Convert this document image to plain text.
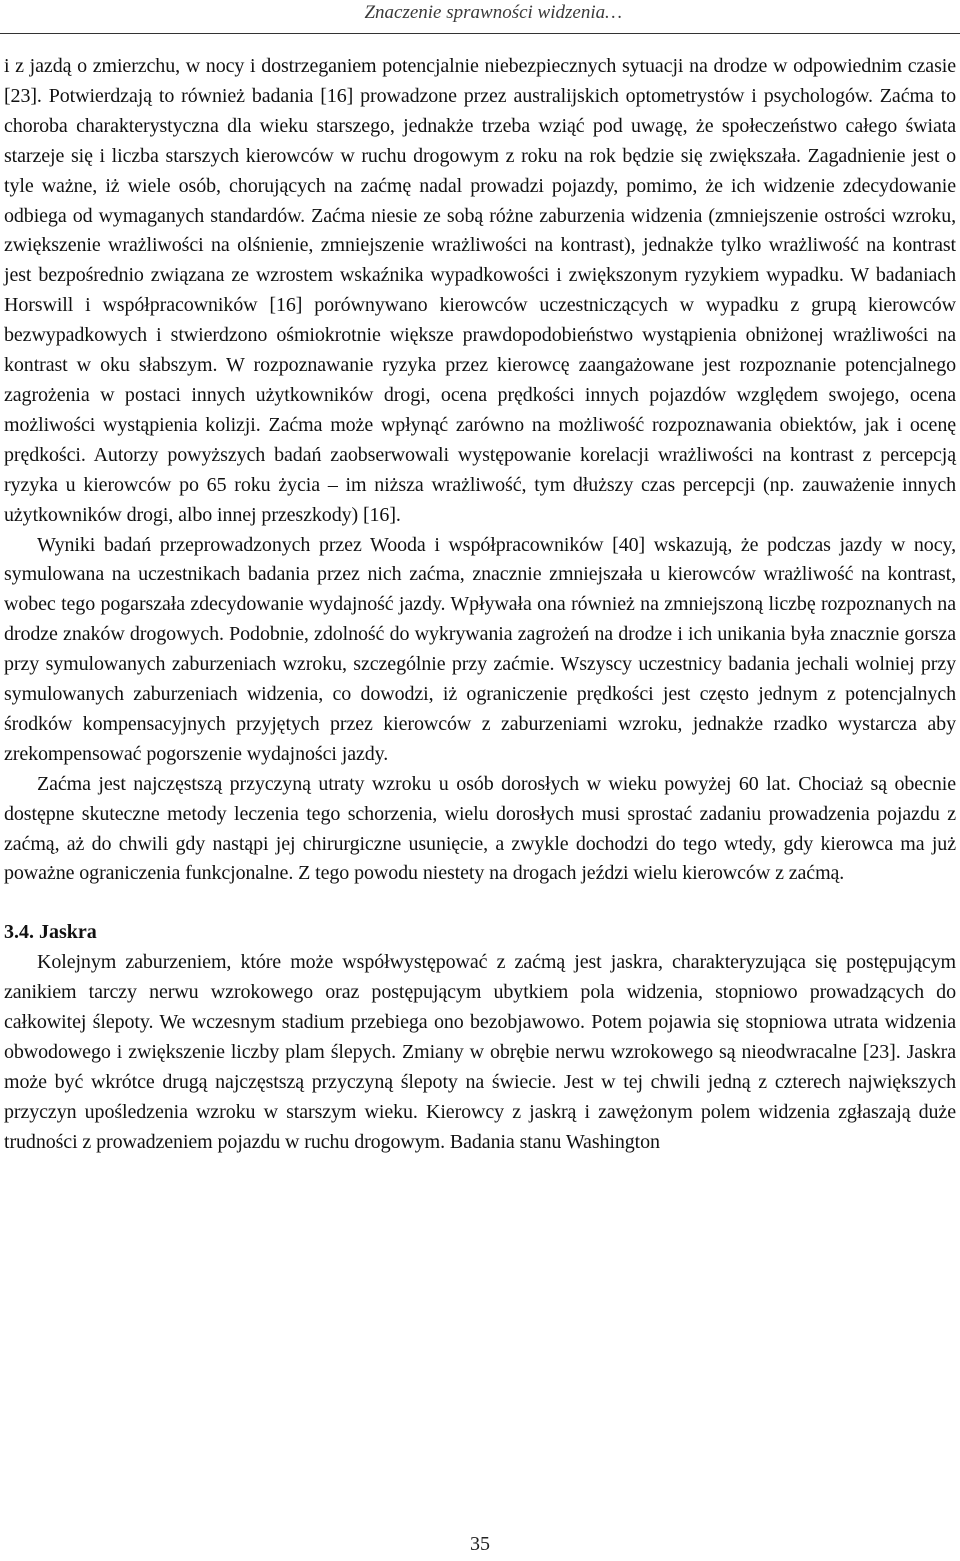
Znaczenie sprawności widzenia…

i z jazdą o zmierzchu, w nocy i dostrzeganiem potencjalnie niebezpiecznych sytuacji na drodze w odpowiednim czasie [23]. Potwierdzają to również badania [16] prowadzone przez australijskich optometrystów i psychologów. Zaćma to choroba charakterystyczna dla wieku starszego, jednakże trzeba wziąć pod uwagę, że społeczeństwo całego świata starzeje się i liczba starszych kierowców w ruchu drogowym z roku na rok będzie się zwiększała. Zagadnienie jest o tyle ważne, iż wiele osób, chorujących na zaćmę nadal prowadzi pojazdy, pomimo, że ich widzenie zdecydowanie odbiega od wymaganych standardów. Zaćma niesie ze sobą różne zaburzenia widzenia (zmniejszenie ostrości wzroku, zwiększenie wrażliwości na olśnienie, zmniejszenie wrażliwości na kontrast), jednakże tylko wrażliwość na kontrast jest bezpośrednio związana ze wzrostem wskaźnika wypadkowości i zwiększonym ryzykiem wypadku. W badaniach Horswill i współpracowników [16] porównywano kierowców uczestniczących w wypadku z grupą kierowców bezwypadkowych i stwierdzono ośmiokrotnie większe prawdopodobieństwo wystąpienia obniżonej wrażliwości na kontrast w oku słabszym. W rozpoznawanie ryzyka przez kierowcę zaangażowane jest rozpoznanie potencjalnego zagrożenia w postaci innych użytkowników drogi, ocena prędkości innych pojazdów względem swojego, ocena możliwości wystąpienia kolizji. Zaćma może wpłynąć zarówno na możliwość rozpoznawania obiektów, jak i ocenę prędkości. Autorzy powyższych badań zaobserwowali występowanie korelacji wrażliwości na kontrast z percepcją ryzyka u kierowców po 65 roku życia – im niższa wrażliwość, tym dłuższy czas percepcji (np. zauważenie innych użytkowników drogi, albo innej przeszkody) [16].

Wyniki badań przeprowadzonych przez Wooda i współpracowników [40] wskazują, że podczas jazdy w nocy, symulowana na uczestnikach badania przez nich zaćma, znacznie zmniejszała u kierowców wrażliwość na kontrast, wobec tego pogarszała zdecydowanie wydajność jazdy. Wpływała ona również na zmniejszoną liczbę rozpoznanych na drodze znaków drogowych. Podobnie, zdolność do wykrywania zagrożeń na drodze i ich unikania była znacznie gorsza przy symulowanych zaburzeniach wzroku, szczególnie przy zaćmie. Wszyscy uczestnicy badania jechali wolniej przy symulowanych zaburzeniach widzenia, co dowodzi, iż ograniczenie prędkości jest często jednym z potencjalnych środków kompensacyjnych przyjętych przez kierowców z zaburzeniami wzroku, jednakże rzadko wystarcza aby zrekompensować pogorszenie wydajności jazdy.

Zaćma jest najczęstszą przyczyną utraty wzroku u osób dorosłych w wieku powyżej 60 lat. Chociaż są obecnie dostępne skuteczne metody leczenia tego schorzenia, wielu dorosłych musi sprostać zadaniu prowadzenia pojazdu z zaćmą, aż do chwili gdy nastąpi jej chirurgiczne usunięcie, a zwykle dochodzi do tego wtedy, gdy kierowca ma już poważne ograniczenia funkcjonalne. Z tego powodu niestety na drogach jeździ wielu kierowców z zaćmą.

3.4. Jaskra

Kolejnym zaburzeniem, które może współwystępować z zaćmą jest jaskra, charakteryzująca się postępującym zanikiem tarczy nerwu wzrokowego oraz postępującym ubytkiem pola widzenia, stopniowo prowadzących do całkowitej ślepoty. We wczesnym stadium przebiega ono bezobjawowo. Potem pojawia się stopniowa utrata widzenia obwodowego i zwiększenie liczby plam ślepych. Zmiany w obrębie nerwu wzrokowego są nieodwracalne [23]. Jaskra może być wkrótce drugą najczęstszą przyczyną ślepoty na świecie. Jest w tej chwili jedną z czterech największych przyczyn upośledzenia wzroku w starszym wieku. Kierowcy z jaskrą i zawężonym polem widzenia zgłaszają duże trudności z prowadzeniem pojazdu w ruchu drogowym. Badania stanu Washington

35
